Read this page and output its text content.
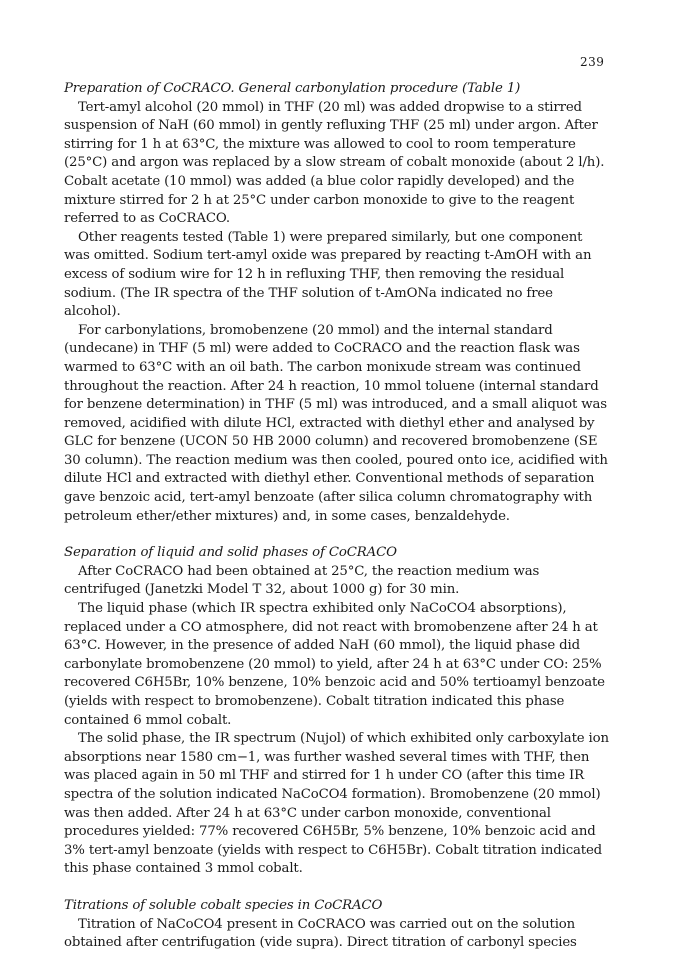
239

Preparation of CoCRACO. General carbonylation procedure (Table 1)

Tert-amyl alcohol (20 mmol) in THF (20 ml) was added dropwise to a stirred suspension of NaH (60 mmol) in gently refluxing THF (25 ml) under argon. After stirring for 1 h at 63°C, the mixture was allowed to cool to room temperature (25°C) and argon was replaced by a slow stream of cobalt monoxide (about 2 l/h). Cobalt acetate (10 mmol) was added (a blue color rapidly developed) and the mixture stirred for 2 h at 25°C under carbon monoxide to give to the reagent referred to as CoCRACO.

Other reagents tested (Table 1) were prepared similarly, but one component was omitted. Sodium tert-amyl oxide was prepared by reacting t-AmOH with an excess of sodium wire for 12 h in refluxing THF, then removing the residual sodium. (The IR spectra of the THF solution of t-AmONa indicated no free alcohol).

For carbonylations, bromobenzene (20 mmol) and the internal standard (undecane) in THF (5 ml) were added to CoCRACO and the reaction flask was warmed to 63°C with an oil bath. The carbon monixude stream was continued throughout the reaction. After 24 h reaction, 10 mmol toluene (internal standard for benzene determination) in THF (5 ml) was introduced, and a small aliquot was removed, acidified with dilute HCl, extracted with diethyl ether and analysed by GLC for benzene (UCON 50 HB 2000 column) and recovered bromobenzene (SE 30 column). The reaction medium was then cooled, poured onto ice, acidified with dilute HCl and extracted with diethyl ether. Conventional methods of separation gave benzoic acid, tert-amyl benzoate (after silica column chromatography with petroleum ether/ether mixtures) and, in some cases, benzaldehyde.

Separation of liquid and solid phases of CoCRACO

After CoCRACO had been obtained at 25°C, the reaction medium was centrifuged (Janetzki Model T 32, about 1000 g) for 30 min.

The liquid phase (which IR spectra exhibited only NaCoCO4 absorptions), replaced under a CO atmosphere, did not react with bromobenzene after 24 h at 63°C. However, in the presence of added NaH (60 mmol), the liquid phase did carbonylate bromobenzene (20 mmol) to yield, after 24 h at 63°C under CO: 25% recovered C6H5Br, 10% benzene, 10% benzoic acid and 50% tertioamyl benzoate (yields with respect to bromobenzene). Cobalt titration indicated this phase contained 6 mmol cobalt.

The solid phase, the IR spectrum (Nujol) of which exhibited only carboxylate ion absorptions near 1580 cm−1, was further washed several times with THF, then was placed again in 50 ml THF and stirred for 1 h under CO (after this time IR spectra of the solution indicated NaCoCO4 formation). Bromobenzene (20 mmol) was then added. After 24 h at 63°C under carbon monoxide, conventional procedures yielded: 77% recovered C6H5Br, 5% benzene, 10% benzoic acid and 3% tert-amyl benzoate (yields with respect to C6H5Br). Cobalt titration indicated this phase contained 3 mmol cobalt.

Titrations of soluble cobalt species in CoCRACO

Titration of NaCoCO4 present in CoCRACO was carried out on the solution obtained after centrifugation (vide supra). Direct titration of carbonyl species
